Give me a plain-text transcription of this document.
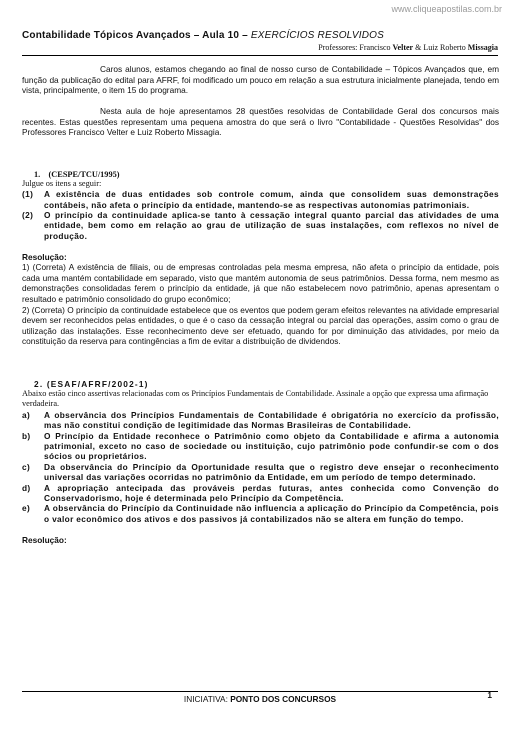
www.cliqueapostilas.com.br
Contabilidade Tópicos Avançados – Aula 10 – EXERCÍCIOS RESOLVIDOS
Professores: Francisco Velter & Luiz Roberto Missagia

Caros alunos, estamos chegando ao final de nosso curso de Contabilidade – Tópicos Avançados que, em função da publicação do edital para AFRF, foi modificado um pouco em relação a sua estrutura inicialmente planejada, tendo em vista, principalmente, o item 15 do programa.

Nesta aula de hoje apresentamos 28 questões resolvidas de Contabilidade Geral dos concursos mais recentes. Estas questões representam uma pequena amostra do que será o livro "Contabilidade - Questões Resolvidas" dos Professores Francisco Velter e Luiz Roberto Missagia.

1. (CESPE/TCU/1995)

Julgue os itens a seguir:

(1)	A existência de duas entidades sob controle comum, ainda que consolidem suas demonstrações contábeis, não afeta o princípio da entidade, mantendo-se as respectivas autonomias patrimoniais.
(2)	O princípio da continuidade aplica-se tanto à cessação integral quanto parcial das atividades de uma entidade, bem como em relação ao grau de utilização de suas instalações, com reflexos no nível de produção.

Resolução:

1) (Correta) A existência de filiais, ou de empresas controladas pela mesma empresa, não afeta o princípio da entidade, pois cada uma mantém contabilidade em separado, visto que mantém autonomia de seus patrimônios. Dessa forma, nem mesmo as demonstrações consolidadas ferem o princípio da entidade, já que não estabelecem novo patrimônio, apenas apresentam o resultado e patrimônio consolidado do grupo econômico;

2) (Correta) O princípio da continuidade estabelece que os eventos que podem geram efeitos relevantes na atividade empresarial devem ser reconhecidos pelas entidades, o que é o caso da cessação integral ou parcial das operações, assim como o grau de utilização das instalações. Esse reconhecimento deve ser efetuado, quando for por diminuição das atividades, por meio da constituição da reserva para contingências a fim de evitar a distribuição de dividendos.

2. (ESAF/AFRF/2002-1)

Abaixo estão cinco assertivas relacionadas com os Princípios Fundamentais de Contabilidade. Assinale a opção que expressa uma afirmação verdadeira.

a)	A observância dos Princípios Fundamentais de Contabilidade é obrigatória no exercício da profissão, mas não constitui condição de legitimidade das Normas Brasileiras de Contabilidade.
b)	O Princípio da Entidade reconhece o Patrimônio como objeto da Contabilidade e afirma a autonomia patrimonial, exceto no caso de sociedade ou instituição, cujo patrimônio pode confundir-se com o dos sócios ou proprietários.
c)	Da observância do Princípio da Oportunidade resulta que o registro deve ensejar o reconhecimento universal das variações ocorridas no patrimônio da Entidade, em um período de tempo determinado.
d)	A apropriação antecipada das prováveis perdas futuras, antes conhecida como Convenção do Conservadorismo, hoje é determinada pelo Princípio da Competência.
e)	A observância do Princípio da Continuidade não influencia a aplicação do Princípio da Competência, pois o valor econômico dos ativos e dos passivos já contabilizados não se altera em função do tempo.

Resolução:

INICIATIVA: PONTO DOS CONCURSOS	1
